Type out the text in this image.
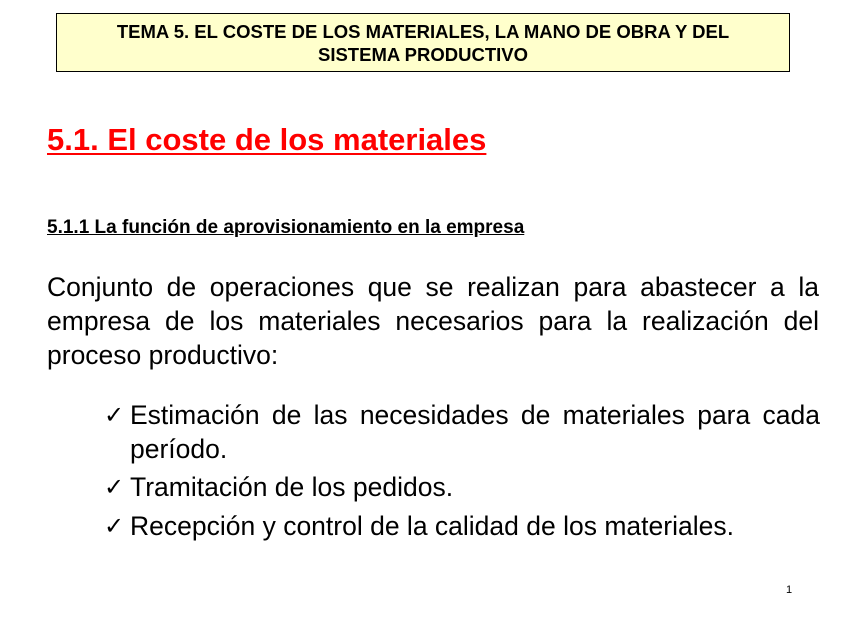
TEMA 5. EL COSTE DE LOS MATERIALES, LA MANO DE OBRA Y DEL
SISTEMA PRODUCTIVO
5.1. El coste de los materiales
5.1.1 La función de aprovisionamiento en la empresa

Conjunto de operaciones que se realizan para abastecer a la empresa de los materiales necesarios para la realización del proceso productivo:

✓ Estimación de las necesidades de materiales para cada período.
✓ Tramitación de los pedidos.
✓ Recepción y control de la calidad de los materiales.
1
